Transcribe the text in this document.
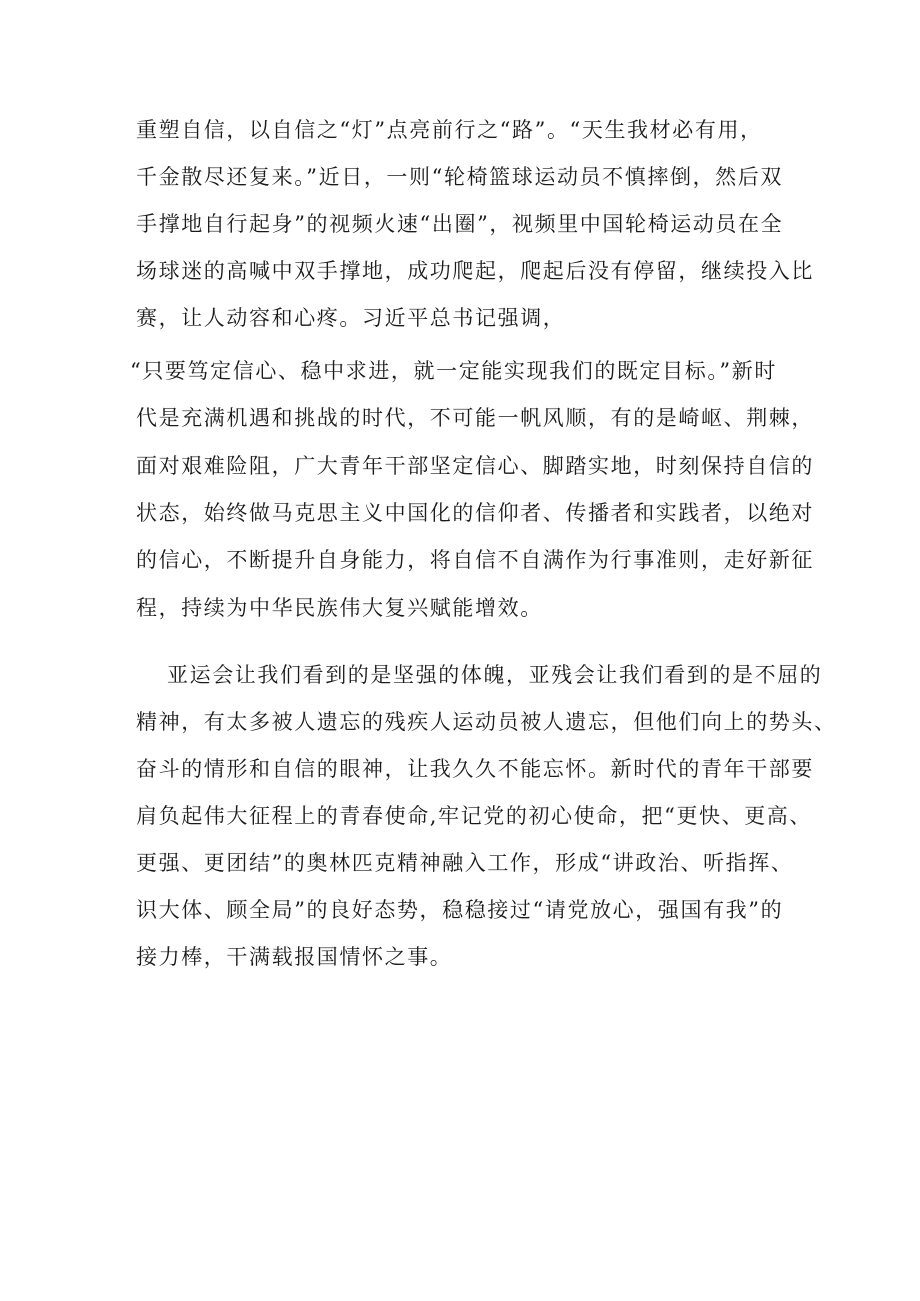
重塑自信，以自信之“灯”点亮前行之“路”。“天生我材必有用，
千金散尽还复来。”近日，一则“轮椅篮球运动员不慎摔倒，然后双
手撑地自行起身”的视频火速“出圈”，视频里中国轮椅运动员在全
场球迷的高喊中双手撑地，成功爬起，爬起后没有停留，继续投入比
赛，让人动容和心疼。习近平总书记强调，
“只要笃定信心、稳中求进，就一定能实现我们的既定目标。”新时
代是充满机遇和挑战的时代，不可能一帆风顺，有的是崎岖、荆棘，
面对艰难险阻，广大青年干部坚定信心、脚踏实地，时刻保持自信的
状态，始终做马克思主义中国化的信仰者、传播者和实践者，以绝对
的信心，不断提升自身能力，将自信不自满作为行事准则，走好新征
程，持续为中华民族伟大复兴赋能增效。
亚运会让我们看到的是坚强的体魄，亚残会让我们看到的是不屈的
精神，有太多被人遗忘的残疾人运动员被人遗忘，但他们向上的势头、
奋斗的情形和自信的眼神，让我久久不能忘怀。新时代的青年干部要
肩负起伟大征程上的青春使命,牢记党的初心使命，把“更快、更高、
更强、更团结”的奥林匹克精神融入工作，形成“讲政治、听指挥、
识大体、顾全局”的良好态势，稳稳接过“请党放心，强国有我”的
接力棒，干满载报国情怀之事。
